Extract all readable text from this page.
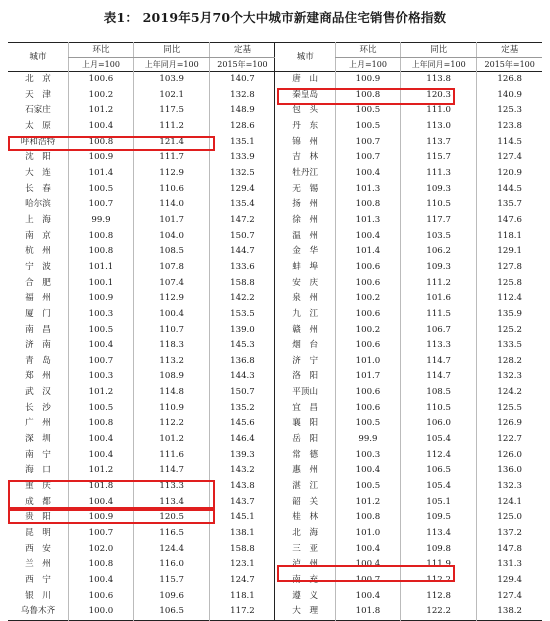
表1： 2019年5月70个大中城市新建商品住宅销售价格指数
城市	环比	同比	定基	城市	环比	同比	定基
	上月=100	上年同月=100	2015年=100		上月=100	上年同月=100	2015年=100
北　京	100.6	103.9	140.7	唐　山	100.9	113.8	126.8
天　津	100.2	102.1	132.8	秦皇岛	100.8	120.3	140.9
石家庄	101.2	117.5	148.9	包　头	100.5	111.0	125.3
太　原	100.4	111.2	128.6	丹　东	100.5	113.0	123.8
呼和浩特	100.8	121.4	135.1	锦　州	100.7	113.7	114.5
沈　阳	100.9	111.7	133.9	吉　林	100.7	115.7	127.4
大　连	101.4	112.9	132.5	牡丹江	100.4	111.3	120.9
长　春	100.5	110.6	129.4	无　锡	101.3	109.3	144.5
哈尔滨	100.7	114.0	135.4	扬　州	100.8	110.5	135.7
上　海	99.9	101.7	147.2	徐　州	101.3	117.7	147.6
南　京	100.8	104.0	150.7	温　州	100.4	103.5	118.1
杭　州	100.8	108.5	144.7	金　华	101.4	106.2	129.1
宁　波	101.1	107.8	133.6	蚌　埠	100.6	109.3	127.8
合　肥	100.1	107.4	158.8	安　庆	100.6	111.2	125.8
福　州	100.9	112.9	142.2	泉　州	100.2	101.6	112.4
厦　门	100.3	100.4	153.5	九　江	100.6	111.5	135.9
南　昌	100.5	110.7	139.0	赣　州	100.2	106.7	125.2
济　南	100.4	118.3	145.3	烟　台	100.6	113.3	133.5
青　岛	100.7	113.2	136.8	济　宁	101.0	114.7	128.2
郑　州	100.3	108.9	144.3	洛　阳	101.7	114.7	132.3
武　汉	101.2	114.8	150.7	平顶山	100.6	108.5	124.2
长　沙	100.5	110.9	135.2	宜　昌	100.6	110.5	125.5
广　州	100.8	112.2	145.6	襄　阳	100.5	106.0	126.9
深　圳	100.4	101.2	146.4	岳　阳	99.9	105.4	122.7
南　宁	100.4	111.6	139.3	常　德	100.3	112.4	126.0
海　口	101.2	114.7	143.2	惠　州	100.4	106.5	136.0
重　庆	101.8	113.3	143.8	湛　江	100.5	105.4	132.3
成　都	100.4	113.4	143.7	韶　关	101.2	105.1	124.1
贵　阳	100.9	120.5	145.1	桂　林	100.8	109.5	125.0
昆　明	100.7	116.5	138.1	北　海	101.0	113.4	137.2
西　安	102.0	124.4	158.8	三　亚	100.4	109.8	147.8
兰　州	100.8	116.0	123.1	泸　州	100.4	111.9	131.3
西　宁	100.4	115.7	124.7	南　充	100.7	112.2	129.4
银　川	100.6	109.6	118.1	遵　义	100.4	112.8	127.4
乌鲁木齐	100.0	106.5	117.2	大　理	101.8	122.2	138.2
